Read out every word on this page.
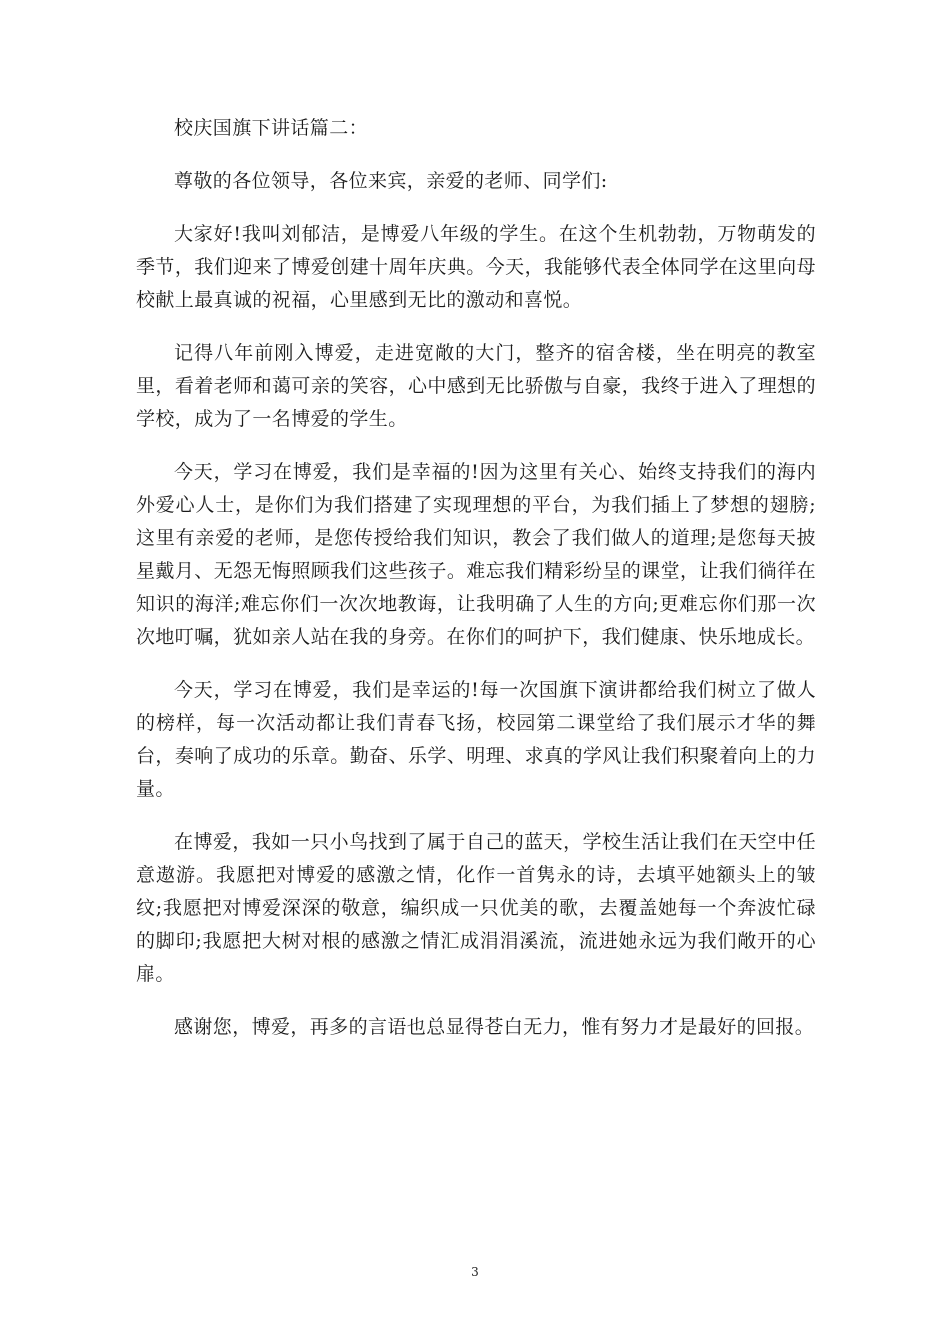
校庆国旗下讲话篇二：

尊敬的各位领导，各位来宾，亲爱的老师、同学们:

大家好!我叫刘郁洁，是博爱八年级的学生。在这个生机勃勃，万物萌发的季节，我们迎来了博爱创建十周年庆典。今天，我能够代表全体同学在这里向母校献上最真诚的祝福，心里感到无比的激动和喜悦。

记得八年前刚入博爱，走进宽敞的大门，整齐的宿舍楼，坐在明亮的教室里，看着老师和蔼可亲的笑容，心中感到无比骄傲与自豪，我终于进入了理想的学校，成为了一名博爱的学生。

今天，学习在博爱，我们是幸福的!因为这里有关心、始终支持我们的海内外爱心人士，是你们为我们搭建了实现理想的平台，为我们插上了梦想的翅膀;这里有亲爱的老师，是您传授给我们知识，教会了我们做人的道理;是您每天披星戴月、无怨无悔照顾我们这些孩子。难忘我们精彩纷呈的课堂，让我们徜徉在知识的海洋;难忘你们一次次地教诲，让我明确了人生的方向;更难忘你们那一次次地叮嘱，犹如亲人站在我的身旁。在你们的呵护下，我们健康、快乐地成长。

今天，学习在博爱，我们是幸运的!每一次国旗下演讲都给我们树立了做人的榜样，每一次活动都让我们青春飞扬，校园第二课堂给了我们展示才华的舞台，奏响了成功的乐章。勤奋、乐学、明理、求真的学风让我们积聚着向上的力量。

在博爱，我如一只小鸟找到了属于自己的蓝天，学校生活让我们在天空中任意遨游。我愿把对博爱的感激之情，化作一首隽永的诗，去填平她额头上的皱纹;我愿把对博爱深深的敬意，编织成一只优美的歌，去覆盖她每一个奔波忙碌的脚印;我愿把大树对根的感激之情汇成涓涓溪流，流进她永远为我们敞开的心扉。

感谢您，博爱，再多的言语也总显得苍白无力，惟有努力才是最好的回报。

3
